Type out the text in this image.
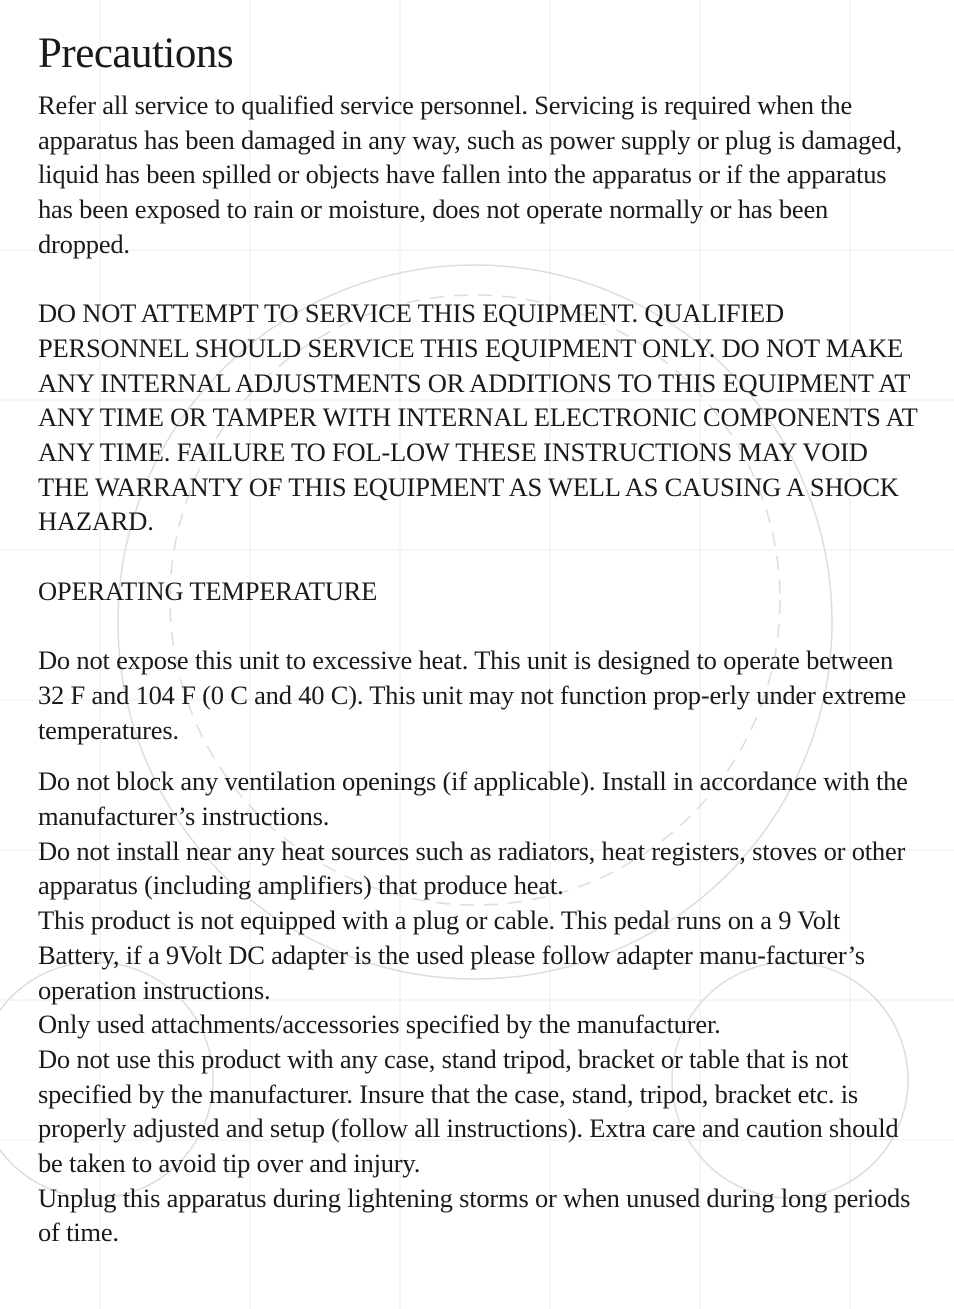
Precautions

Refer all service to qualified service personnel. Servicing is required when the apparatus has been damaged in any way, such as power supply or plug is damaged, liquid has been spilled or objects have fallen into the apparatus or if the apparatus has been exposed to rain or moisture, does not operate normally or has been dropped.

DO NOT ATTEMPT TO SERVICE THIS EQUIPMENT. QUALIFIED PERSONNEL SHOULD SERVICE THIS EQUIPMENT ONLY. DO NOT MAKE ANY INTERNAL ADJUSTMENTS OR ADDITIONS TO THIS EQUIPMENT AT ANY TIME OR TAMPER WITH INTERNAL ELECTRONIC COMPONENTS AT ANY TIME. FAILURE TO FOL-LOW THESE INSTRUCTIONS MAY VOID THE WARRANTY OF THIS EQUIPMENT AS WELL AS CAUSING A SHOCK HAZARD.

OPERATING TEMPERATURE

Do not expose this unit to excessive heat. This unit is designed to operate between 32 F and 104 F (0 C and 40 C). This unit may not function prop-erly under extreme temperatures.

Do not block any ventilation openings (if applicable). Install in accordance with the manufacturer’s instructions.

Do not install near any heat sources such as radiators, heat registers, stoves or other apparatus (including amplifiers) that produce heat.

This product is not equipped with a plug or cable. This pedal runs on a 9 Volt Battery, if a 9Volt DC adapter is the used please follow adapter manu-facturer’s operation instructions.

Only used attachments/accessories specified by the manufacturer.

Do not use this product with any case, stand tripod, bracket or table that is not specified by the manufacturer. Insure that the case, stand, tripod, bracket etc. is properly adjusted and setup (follow all instructions). Extra care and caution should be taken to avoid tip over and injury.

Unplug this apparatus during lightening storms or when unused during long periods of time.
